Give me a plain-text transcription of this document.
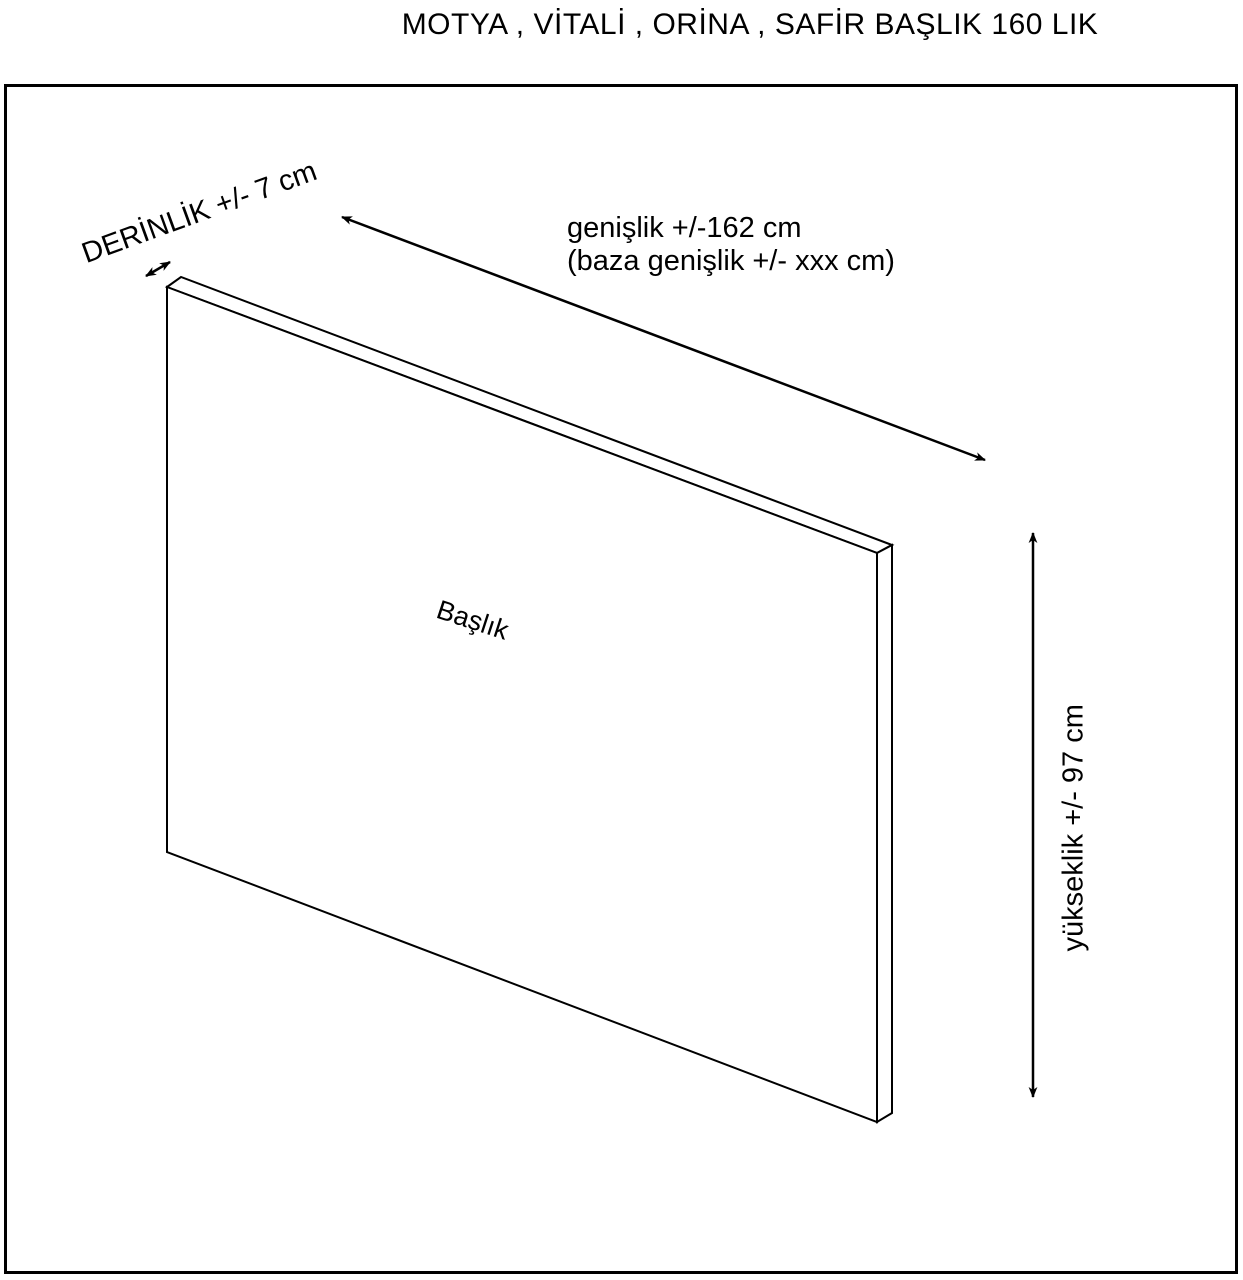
MOTYA , VİTALİ , ORİNA , SAFİR BAŞLIK 160 LIK
DERİNLİK +/- 7 cm	genişlik +/-162 cm
(baza genişlik +/- xxx cm)
yükseklik +/- 97 cm
Başlık
